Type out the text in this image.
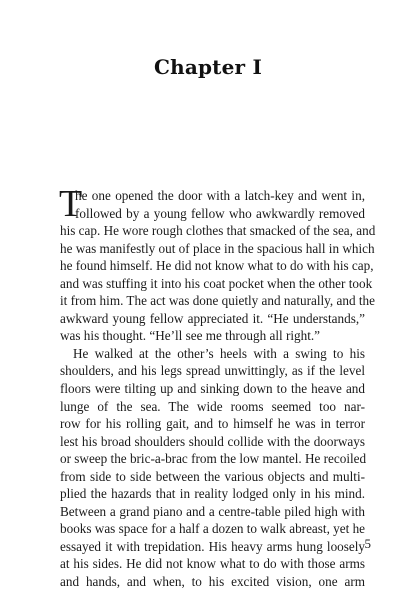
Chapter I
T
he one opened the door with a latch-key and went in,
followed by a young fellow who awkwardly removed
his cap. He wore rough clothes that smacked of the sea, and
he was manifestly out of place in the spacious hall in which
he found himself. He did not know what to do with his cap,
and was stuffing it into his coat pocket when the other took
it from him. The act was done quietly and naturally, and the
awkward young fellow appreciated it. “He understands,”
was his thought. “He’ll see me through all right.”
He walked at the other’s heels with a swing to his
shoulders, and his legs spread unwittingly, as if the level
floors were tilting up and sinking down to the heave and
lunge of the sea. The wide rooms seemed too nar-
row for his rolling gait, and to himself he was in terror
lest his broad shoulders should collide with the doorways
or sweep the bric-a-brac from the low mantel. He recoiled
from side to side between the various objects and multi-
plied the hazards that in reality lodged only in his mind.
Between a grand piano and a centre-table piled high with
books was space for a half a dozen to walk abreast, yet he
essayed it with trepidation. His heavy arms hung loosely
at his sides. He did not know what to do with those arms
and hands, and when, to his excited vision, one arm
5
